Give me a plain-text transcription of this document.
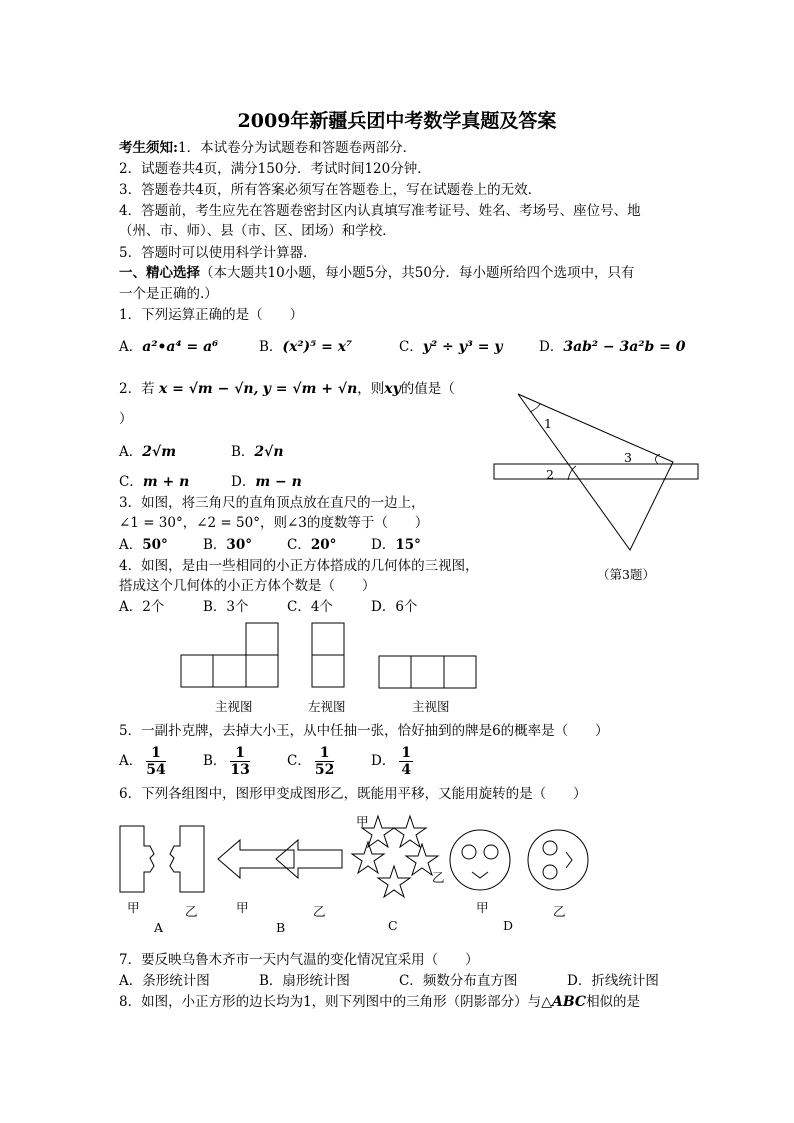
2009年新疆兵团中考数学真题及答案
考生须知:1．本试卷分为试题卷和答题卷两部分．
2．试题卷共4页，满分150分．考试时间120分钟．
3．答题卷共4页，所有答案必须写在答题卷上，写在试题卷上的无效．
4．答题前，考生应先在答题卷密封区内认真填写准考证号、姓名、考场号、座位号、地
（州、市、师）、县（市、区、团场）和学校．
5．答题时可以使用科学计算器．
一、精心选择（本大题共10小题，每小题5分，共50分．每小题所给四个选项中，只有
一个是正确的.）
1．下列运算正确的是（　　）
A．a²•a⁴ = a⁶	B．(x²)⁵ = x⁷	C．y² ÷ y³ = y	D．3ab² − 3a²b = 0
2．若 x = √m − √n, y = √m + √n，则xy的值是（
）
A．2√m	B．2√n
C．m + n	D．m − n
3．如图，将三角尺的直角顶点放在直尺的一边上，
∠1 = 30°，∠2 = 50°，则∠3的度数等于（　　）
A．50°	B．30°	C．20°	D．15°
1
2
3
（第3题）
4．如图，是由一些相同的小正方体搭成的几何体的三视图，
搭成这个几何体的小正方体个数是（　　）
A．2个	B．3个	C．4个	D．6个
主视图	左视图	主视图
5．一副扑克牌，去掉大小王，从中任抽一张，恰好抽到的牌是6的概率是（　　）
A． $\frac{1}{54}$	B． $\frac{1}{13}$	C． $\frac{1}{52}$	D． $\frac{1}{4}$
6．下列各组图中，图形甲变成图形乙，既能用平移，又能用旋转的是（　　）
甲	乙	甲	乙
甲
乙
甲	乙
A	B	C	D
7．要反映乌鲁木齐市一天内气温的变化情况宜采用（　　）
A．条形统计图	B．扇形统计图	C．频数分布直方图	D．折线统计图
8．如图，小正方形的边长均为1，则下列图中的三角形（阴影部分）与△ABC相似的是
